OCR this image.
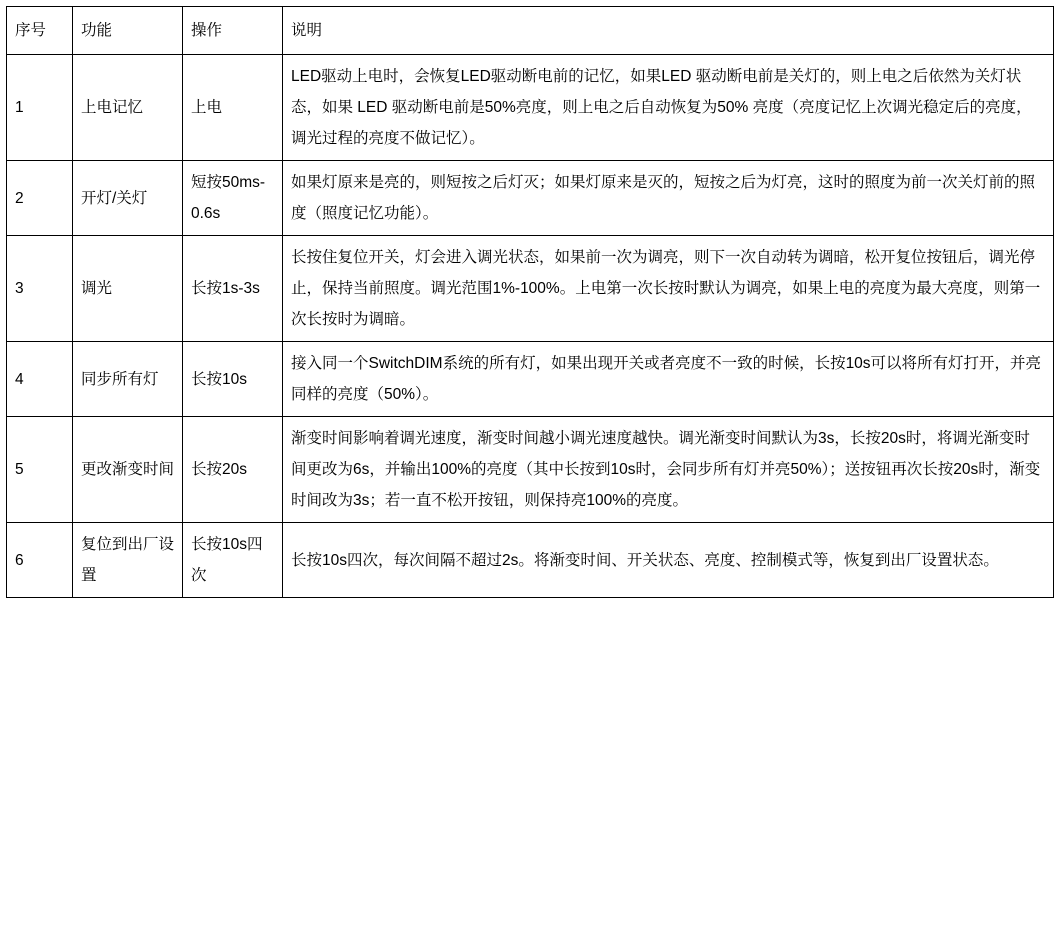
序号	功能	操作	说明
1	上电记忆	上电	LED驱动上电时，会恢复LED驱动断电前的记忆，如果LED 驱动断电前是关灯的，则上电之后依然为关灯状态，如果 LED 驱动断电前是50%亮度，则上电之后自动恢复为50% 亮度（亮度记忆上次调光稳定后的亮度，调光过程的亮度不做记忆）。
2	开灯/关灯	短按50ms-0.6s	如果灯原来是亮的，则短按之后灯灭；如果灯原来是灭的，短按之后为灯亮，这时的照度为前一次关灯前的照度（照度记忆功能）。
3	调光	长按1s-3s	长按住复位开关，灯会进入调光状态，如果前一次为调亮，则下一次自动转为调暗，松开复位按钮后，调光停止，保持当前照度。调光范围1%-100%。上电第一次长按时默认为调亮，如果上电的亮度为最大亮度，则第一次长按时为调暗。
4	同步所有灯	长按10s	接入同一个SwitchDIM系统的所有灯，如果出现开关或者亮度不一致的时候，长按10s可以将所有灯打开，并亮同样的亮度（50%）。
5	更改渐变时间	长按20s	渐变时间影响着调光速度，渐变时间越小调光速度越快。调光渐变时间默认为3s，长按20s时，将调光渐变时间更改为6s，并输出100%的亮度（其中长按到10s时，会同步所有灯并亮50%）；送按钮再次长按20s时，渐变时间改为3s；若一直不松开按钮，则保持亮100%的亮度。
6	复位到出厂设置	长按10s四次	长按10s四次，每次间隔不超过2s。将渐变时间、开关状态、亮度、控制模式等，恢复到出厂设置状态。
